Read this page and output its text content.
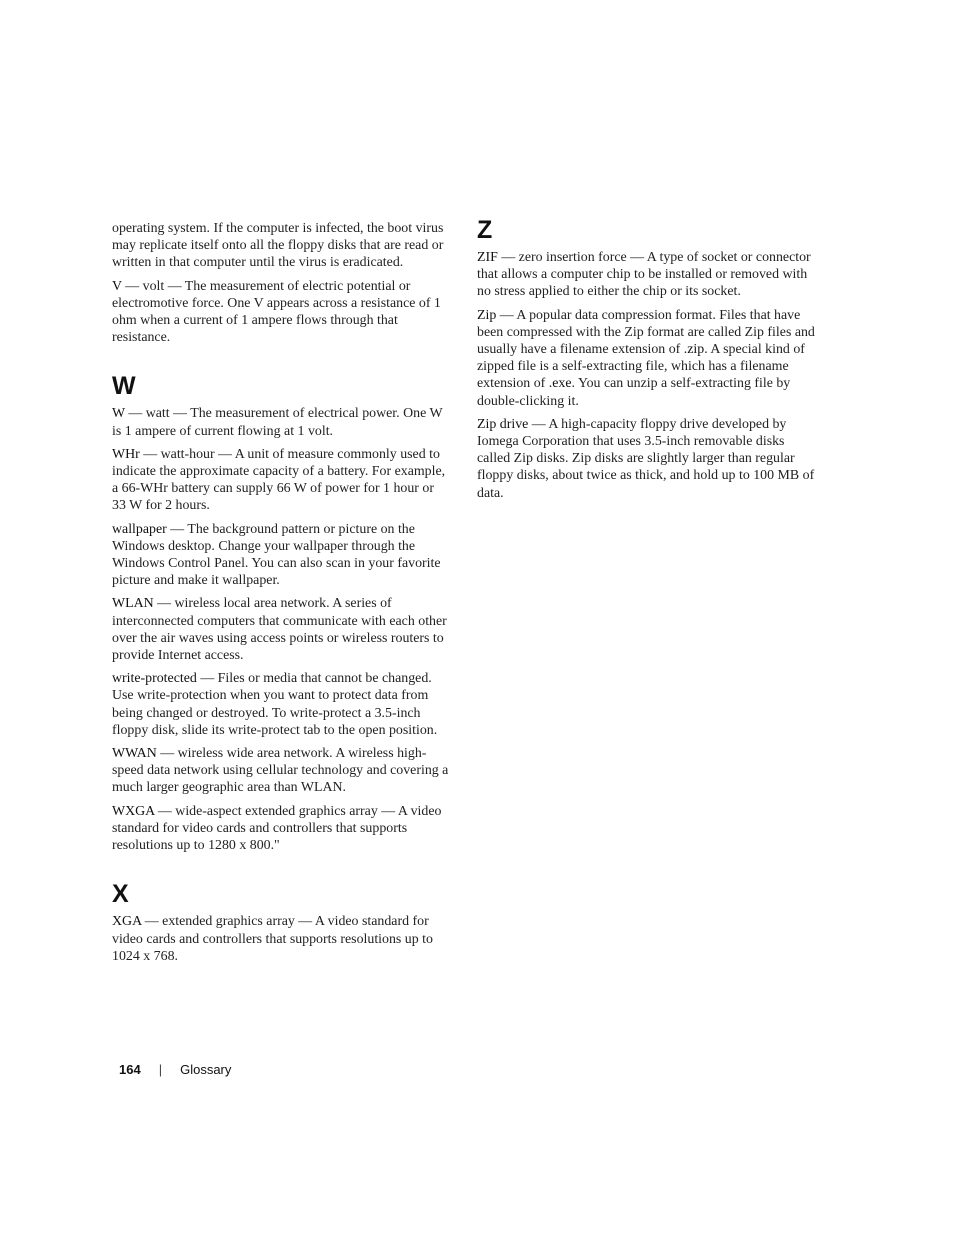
operating system. If the computer is infected, the boot virus may replicate itself onto all the floppy disks that are read or written in that computer until the virus is eradicated.

V — volt — The measurement of electric potential or electromotive force. One V appears across a resistance of 1 ohm when a current of 1 ampere flows through that resistance.

W

W — watt — The measurement of electrical power. One W is 1 ampere of current flowing at 1 volt.

WHr — watt-hour — A unit of measure commonly used to indicate the approximate capacity of a battery. For example, a 66-WHr battery can supply 66 W of power for 1 hour or 33 W for 2 hours.

wallpaper — The background pattern or picture on the Windows desktop. Change your wallpaper through the Windows Control Panel. You can also scan in your favorite picture and make it wallpaper.

WLAN — wireless local area network. A series of interconnected computers that communicate with each other over the air waves using access points or wireless routers to provide Internet access.

write-protected — Files or media that cannot be changed. Use write-protection when you want to protect data from being changed or destroyed. To write-protect a 3.5-inch floppy disk, slide its write-protect tab to the open position.

WWAN — wireless wide area network. A wireless high-speed data network using cellular technology and covering a much larger geographic area than WLAN.

WXGA — wide-aspect extended graphics array — A video standard for video cards and controllers that supports resolutions up to 1280 x 800."

X

XGA — extended graphics array — A video standard for video cards and controllers that supports resolutions up to 1024 x 768.

Z

ZIF — zero insertion force — A type of socket or connector that allows a computer chip to be installed or removed with no stress applied to either the chip or its socket.

Zip — A popular data compression format. Files that have been compressed with the Zip format are called Zip files and usually have a filename extension of .zip. A special kind of zipped file is a self-extracting file, which has a filename extension of .exe. You can unzip a self-extracting file by double-clicking it.

Zip drive — A high-capacity floppy drive developed by Iomega Corporation that uses 3.5-inch removable disks called Zip disks. Zip disks are slightly larger than regular floppy disks, about twice as thick, and hold up to 100 MB of data.

164 | Glossary
